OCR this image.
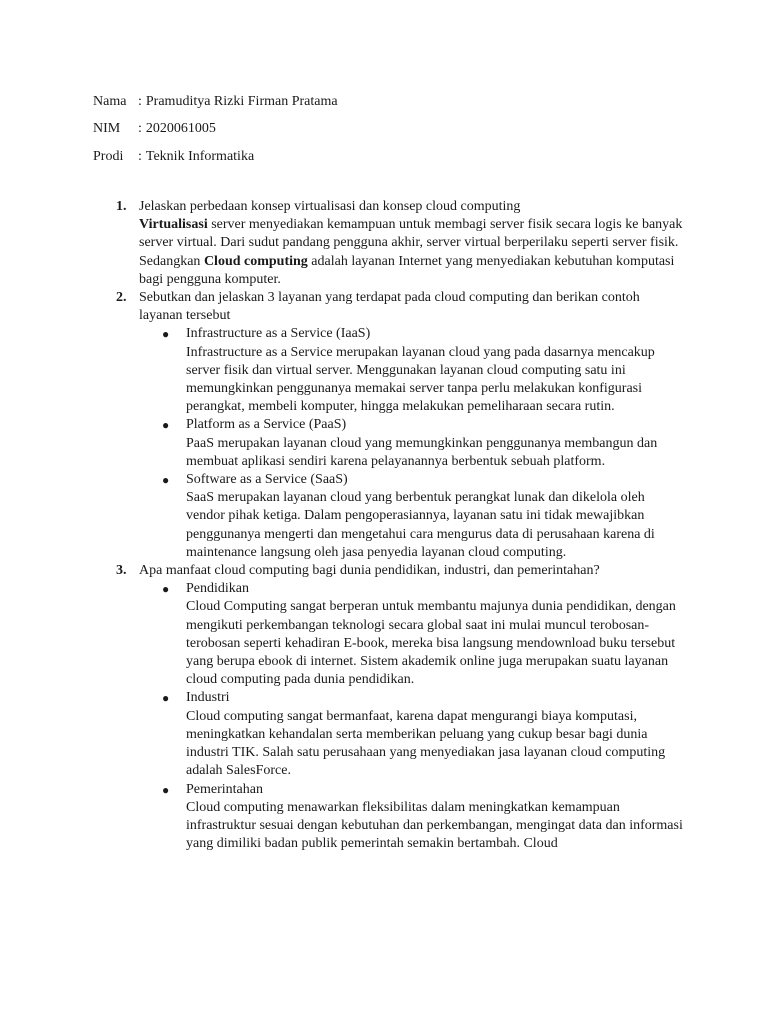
Nama : Pramuditya Rizki Firman Pratama
NIM	: 2020061005
Prodi	: Teknik Informatika
1. Jelaskan perbedaan konsep virtualisasi dan konsep cloud computing

Virtualisasi server menyediakan kemampuan untuk membagi server fisik secara logis ke banyak server virtual. Dari sudut pandang pengguna akhir, server virtual berperilaku seperti server fisik. Sedangkan Cloud computing adalah layanan Internet yang menyediakan kebutuhan komputasi bagi pengguna komputer.

2. Sebutkan dan jelaskan 3 layanan yang terdapat pada cloud computing dan berikan contoh layanan tersebut
● Infrastructure as a Service (IaaS)
Infrastructure as a Service merupakan layanan cloud yang pada dasarnya mencakup server fisik dan virtual server. Menggunakan layanan cloud computing satu ini memungkinkan penggunanya memakai server tanpa perlu melakukan konfigurasi perangkat, membeli komputer, hingga melakukan pemeliharaan secara rutin.
● Platform as a Service (PaaS)
PaaS merupakan layanan cloud yang memungkinkan penggunanya membangun dan membuat aplikasi sendiri karena pelayanannya berbentuk sebuah platform.
● Software as a Service (SaaS)
SaaS merupakan layanan cloud yang berbentuk perangkat lunak dan dikelola oleh vendor pihak ketiga. Dalam pengoperasiannya, layanan satu ini tidak mewajibkan penggunanya mengerti dan mengetahui cara mengurus data di perusahaan karena di maintenance langsung oleh jasa penyedia layanan cloud computing.
3. Apa manfaat cloud computing bagi dunia pendidikan, industri, dan pemerintahan?
● Pendidikan
Cloud Computing sangat berperan untuk membantu majunya dunia pendidikan, dengan mengikuti perkembangan teknologi secara global saat ini mulai muncul terobosan-terobosan seperti kehadiran E-book, mereka bisa langsung mendownload buku tersebut yang berupa ebook di internet. Sistem akademik online juga merupakan suatu layanan cloud computing pada dunia pendidikan.
● Industri
Cloud computing sangat bermanfaat, karena dapat mengurangi biaya komputasi, meningkatkan kehandalan serta memberikan peluang yang cukup besar bagi dunia industri TIK. Salah satu perusahaan yang menyediakan jasa layanan cloud computing adalah SalesForce.
● Pemerintahan
Cloud computing menawarkan fleksibilitas dalam meningkatkan kemampuan infrastruktur sesuai dengan kebutuhan dan perkembangan, mengingat data dan informasi yang dimiliki badan publik pemerintah semakin bertambah. Cloud
